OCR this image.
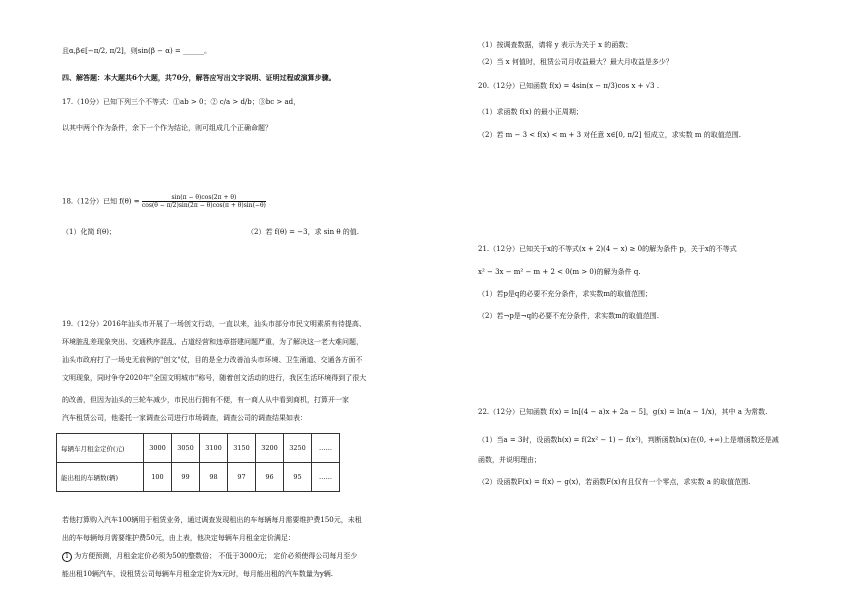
且α,β∈[−π/2, π/2]，则sin(β − α) = ______。
四、解答题：本大题共6个大题，共70分，解答应写出文字说明、证明过程或演算步骤。
17.（10分）已知下列三个不等式：①ab > 0；② c/a > d/b；③bc > ad，
以其中两个作为条件，余下一个作为结论，则可组成几个正确命题？
18.（12分）已知 $f(\theta) = \frac{\sin(\pi - \theta)\cos(2\pi + \theta)}{\cos(\theta - \pi/2)\sin(2\pi - \theta)\cos(\pi + \theta)\sin(-\theta)}$
（1）化简 f(θ)；	（2）若 f(θ) = −3，求 sin θ 的值.
19.（12分）2016年汕头市开展了一场创文行动，一直以来，汕头市部分市民文明素质有待提高、
环境脏乱差现象突出、交通秩序混乱、占道经营和违章搭建问题严重，为了解决这一老大难问题，
汕头市政府打了一场史无前例的"创文"仗，目的是全力改善汕头市环境、卫生涌道、交通各方面不
文明现象，同时争夺2020年"全国文明城市"称号，随着创文活动的进行，我区生活环境得到了很大
的改善，但因为汕头的三轮车减少，市民出行拥有不便，有一商人从中看到商机，打算开一家
汽车租赁公司，他委托一家调查公司进行市场调查，调查公司的调查结果如表：
若他打算购入汽车100辆用于租赁业务，通过调查发现租出的车每辆每月需要维护费150元，未租
出的车每辆每月需要维护费50元，由上表，他决定每辆车月租金定价满足：
1 为方便预测，月租金定价必须为50的整数倍； 不低于3000元； 定价必须使得公司每月至少
能出租10辆汽车，设租赁公司每辆车月租金定价为x元时，每月能出租的汽车数量为y辆.
每辆车月租金定价(元)	3000	3050	3100	3150	3200	3250	……
能出租的车辆数(辆)	100	99	98	97	96	95	……
（1）按调查数据，请将 y 表示为关于 x 的函数；
（2）当 x 何值时，租赁公司月收益最大？最大月收益是多少？
20.（12分）已知函数 f(x) = 4sin(x − π/3)cos x + √3 .
（1）求函数 f(x) 的最小正周期；
（2）若 m − 3 < f(x) < m + 3 对任意 x∈[0, π/2] 恒成立，求实数 m 的取值范围.
21.（12分）已知关于x的不等式(x + 2)(4 − x) ≥ 0的解为条件 p，关于x的不等式
x² − 3x − m² − m + 2 < 0(m > 0)的解为条件 q.
（1）若p是q的必要不充分条件，求实数m的取值范围；
（2）若¬p是¬q的必要不充分条件，求实数m的取值范围.
22.（12分）已知函数 f(x) = ln[(4 − a)x + 2a − 5]，g(x) = ln(a − 1/x)，其中 a 为常数.
（1）当a = 3时，设函数h(x) = f(2x² − 1) − f(x²)，判断函数h(x)在(0, +∞)上是增函数还是减
函数，并说明理由；
（2）设函数F(x) = f(x) − g(x)，若函数F(x)有且仅有一个零点，求实数 a 的取值范围.
